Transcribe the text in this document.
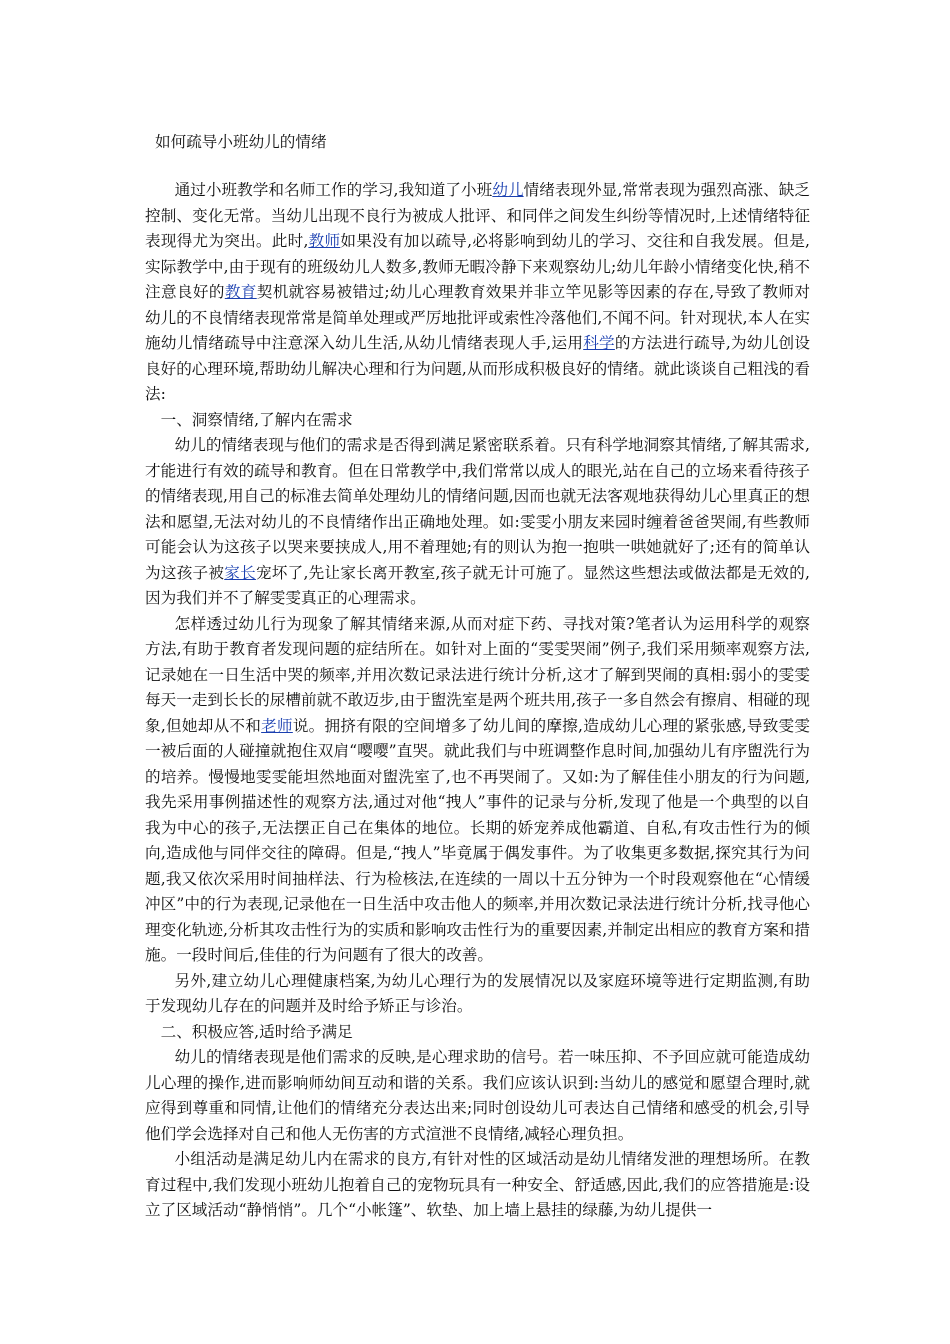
如何疏导小班幼儿的情绪

通过小班教学和名师工作的学习,我知道了小班幼儿情绪表现外显,常常表现为强烈高涨、缺乏控制、变化无常。当幼儿出现不良行为被成人批评、和同伴之间发生纠纷等情况时,上述情绪特征表现得尤为突出。此时,教师如果没有加以疏导,必将影响到幼儿的学习、交往和自我发展。但是,实际教学中,由于现有的班级幼儿人数多,教师无暇冷静下来观察幼儿;幼儿年龄小情绪变化快,稍不注意良好的教育契机就容易被错过;幼儿心理教育效果并非立竿见影等因素的存在,导致了教师对幼儿的不良情绪表现常常是简单处理或严厉地批评或索性冷落他们,不闻不问。针对现状,本人在实施幼儿情绪疏导中注意深入幼儿生活,从幼儿情绪表现人手,运用科学的方法进行疏导,为幼儿创设良好的心理环境,帮助幼儿解决心理和行为问题,从而形成积极良好的情绪。就此谈谈自己粗浅的看法:

一、洞察情绪,了解内在需求

幼儿的情绪表现与他们的需求是否得到满足紧密联系着。只有科学地洞察其情绪,了解其需求,才能进行有效的疏导和教育。但在日常教学中,我们常常以成人的眼光,站在自己的立场来看待孩子的情绪表现,用自己的标准去简单处理幼儿的情绪问题,因而也就无法客观地获得幼儿心里真正的想法和愿望,无法对幼儿的不良情绪作出正确地处理。如:雯雯小朋友来园时缠着爸爸哭闹,有些教师可能会认为这孩子以哭来要挟成人,用不着理她;有的则认为抱一抱哄一哄她就好了;还有的简单认为这孩子被家长宠坏了,先让家长离开教室,孩子就无计可施了。显然这些想法或做法都是无效的,因为我们并不了解雯雯真正的心理需求。

怎样透过幼儿行为现象了解其情绪来源,从而对症下药、寻找对策?笔者认为运用科学的观察方法,有助于教育者发现问题的症结所在。如针对上面的“雯雯哭闹”例子,我们采用频率观察方法,记录她在一日生活中哭的频率,并用次数记录法进行统计分析,这才了解到哭闹的真相:弱小的雯雯每天一走到长长的尿槽前就不敢迈步,由于盥洗室是两个班共用,孩子一多自然会有擦肩、相碰的现象,但她却从不和老师说。拥挤有限的空间增多了幼儿间的摩擦,造成幼儿心理的紧张感,导致雯雯一被后面的人碰撞就抱住双肩“嘤嘤”直哭。就此我们与中班调整作息时间,加强幼儿有序盥洗行为的培养。慢慢地雯雯能坦然地面对盥洗室了,也不再哭闹了。又如:为了解佳佳小朋友的行为问题,我先采用事例描述性的观察方法,通过对他“拽人”事件的记录与分析,发现了他是一个典型的以自我为中心的孩子,无法摆正自己在集体的地位。长期的娇宠养成他霸道、自私,有攻击性行为的倾向,造成他与同伴交往的障碍。但是,“拽人”毕竟属于偶发事件。为了收集更多数据,探究其行为问题,我又依次采用时间抽样法、行为检核法,在连续的一周以十五分钟为一个时段观察他在“心情缓冲区”中的行为表现,记录他在一日生活中攻击他人的频率,并用次数记录法进行统计分析,找寻他心理变化轨迹,分析其攻击性行为的实质和影响攻击性行为的重要因素,并制定出相应的教育方案和措施。一段时间后,佳佳的行为问题有了很大的改善。

另外,建立幼儿心理健康档案,为幼儿心理行为的发展情况以及家庭环境等进行定期监测,有助于发现幼儿存在的问题并及时给予矫正与诊治。

二、积极应答,适时给予满足

幼儿的情绪表现是他们需求的反映,是心理求助的信号。若一味压抑、不予回应就可能造成幼儿心理的操作,进而影响师幼间互动和谐的关系。我们应该认识到:当幼儿的感觉和愿望合理时,就应得到尊重和同情,让他们的情绪充分表达出来;同时创设幼儿可表达自己情绪和感受的机会,引导他们学会选择对自己和他人无伤害的方式渲泄不良情绪,减轻心理负担。

小组活动是满足幼儿内在需求的良方,有针对性的区域活动是幼儿情绪发泄的理想场所。在教育过程中,我们发现小班幼儿抱着自己的宠物玩具有一种安全、舒适感,因此,我们的应答措施是:设立了区域活动“静悄悄”。几个“小帐篷”、软垫、加上墙上悬挂的绿藤,为幼儿提供一
